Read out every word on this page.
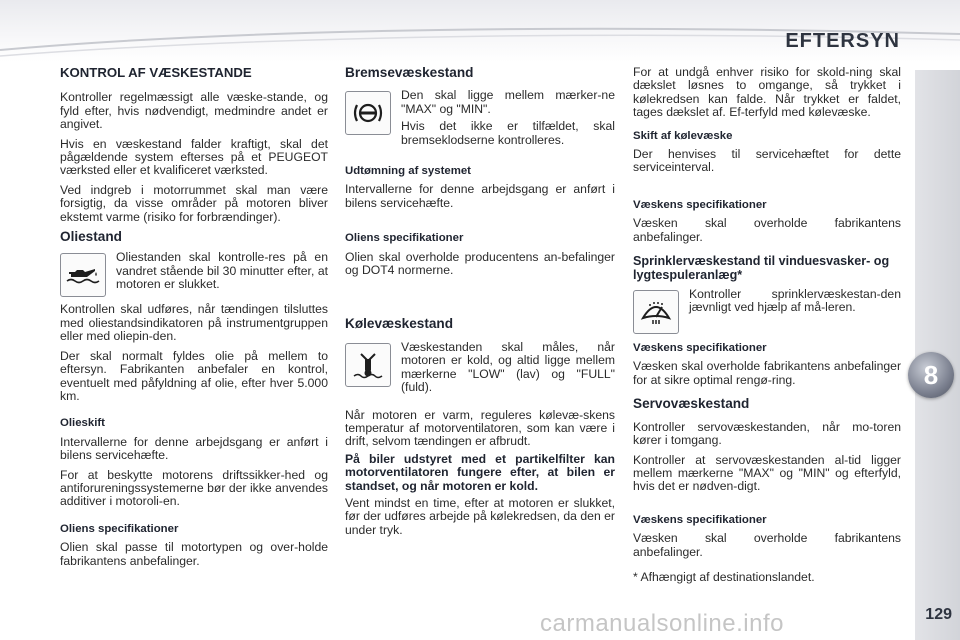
EFTERSYN
8
129
carmanualsonline.info
KONTROL AF VÆSKESTANDE
Kontroller regelmæssigt alle væske-stande, og fyld efter, hvis nødvendigt, medmindre andet er angivet.
Hvis en væskestand falder kraftigt, skal det pågældende system efterses på et PEUGEOT værksted eller et kvalificeret værksted.
Ved indgreb i motorrummet skal man være forsigtig, da visse områder på motoren bliver ekstemt varme (risiko for forbrændinger).
Oliestand
Oliestanden skal kontrolle-res på en vandret stående bil 30 minutter efter, at motoren er slukket.
Kontrollen skal udføres, når tændingen tilsluttes med oliestandsindikatoren på instrumentgruppen eller med oliepin-den.
Der skal normalt fyldes olie på mellem to eftersyn. Fabrikanten anbefaler en kontrol, eventuelt med påfyldning af olie, efter hver 5.000 km.
Olieskift
Intervallerne for denne arbejdsgang er anført i bilens servicehæfte.
For at beskytte motorens driftssikker-hed og antiforureningssystemerne bør der ikke anvendes additiver i motoroli-en.
Oliens specifikationer
Olien skal passe til motortypen og over-holde fabrikantens anbefalinger.
Bremsevæskestand
Den skal ligge mellem mærker-ne "MAX" og "MIN".
Hvis det ikke er tilfældet, skal bremseklodserne kontrolleres.
Udtømning af systemet
Intervallerne for denne arbejdsgang er anført i bilens servicehæfte.
Oliens specifikationer
Olien skal overholde producentens an-befalinger og DOT4 normerne.
Kølevæskestand
Væskestanden skal måles, når motoren er kold, og altid ligge mellem mærkerne "LOW" (lav) og "FULL" (fuld).
Når motoren er varm, reguleres kølevæ-skens temperatur af motorventilatoren, som kan være i drift, selvom tændingen er afbrudt.
På biler udstyret med et partikelfilter kan motorventilatoren fungere efter, at bilen er standset, og når motoren er kold.
Vent mindst en time, efter at motoren er slukket, før der udføres arbejde på kølekredsen, da den er under tryk.
For at undgå enhver risiko for skold-ning skal dækslet løsnes to omgange, så trykket i kølekredsen kan falde. Når trykket er faldet, tages dækslet af. Ef-terfyld med kølevæske.
Skift af kølevæske
Der henvises til servicehæftet for dette serviceinterval.
Væskens specifikationer
Væsken skal overholde fabrikantens anbefalinger.
Sprinklervæskestand til vinduesvasker- og lygtespuleranlæg*
Kontroller sprinklervæskestan-den jævnligt ved hjælp af må-leren.
Væskens specifikationer
Væsken skal overholde fabrikantens anbefalinger for at sikre optimal rengø-ring.
Servovæskestand
Kontroller servovæskestanden, når mo-toren kører i tomgang.
Kontroller at servovæskestanden al-tid ligger mellem mærkerne "MAX" og "MIN" og efterfyld, hvis det er nødven-digt.
Væskens specifikationer
Væsken skal overholde fabrikantens anbefalinger.
* Afhængigt af destinationslandet.
